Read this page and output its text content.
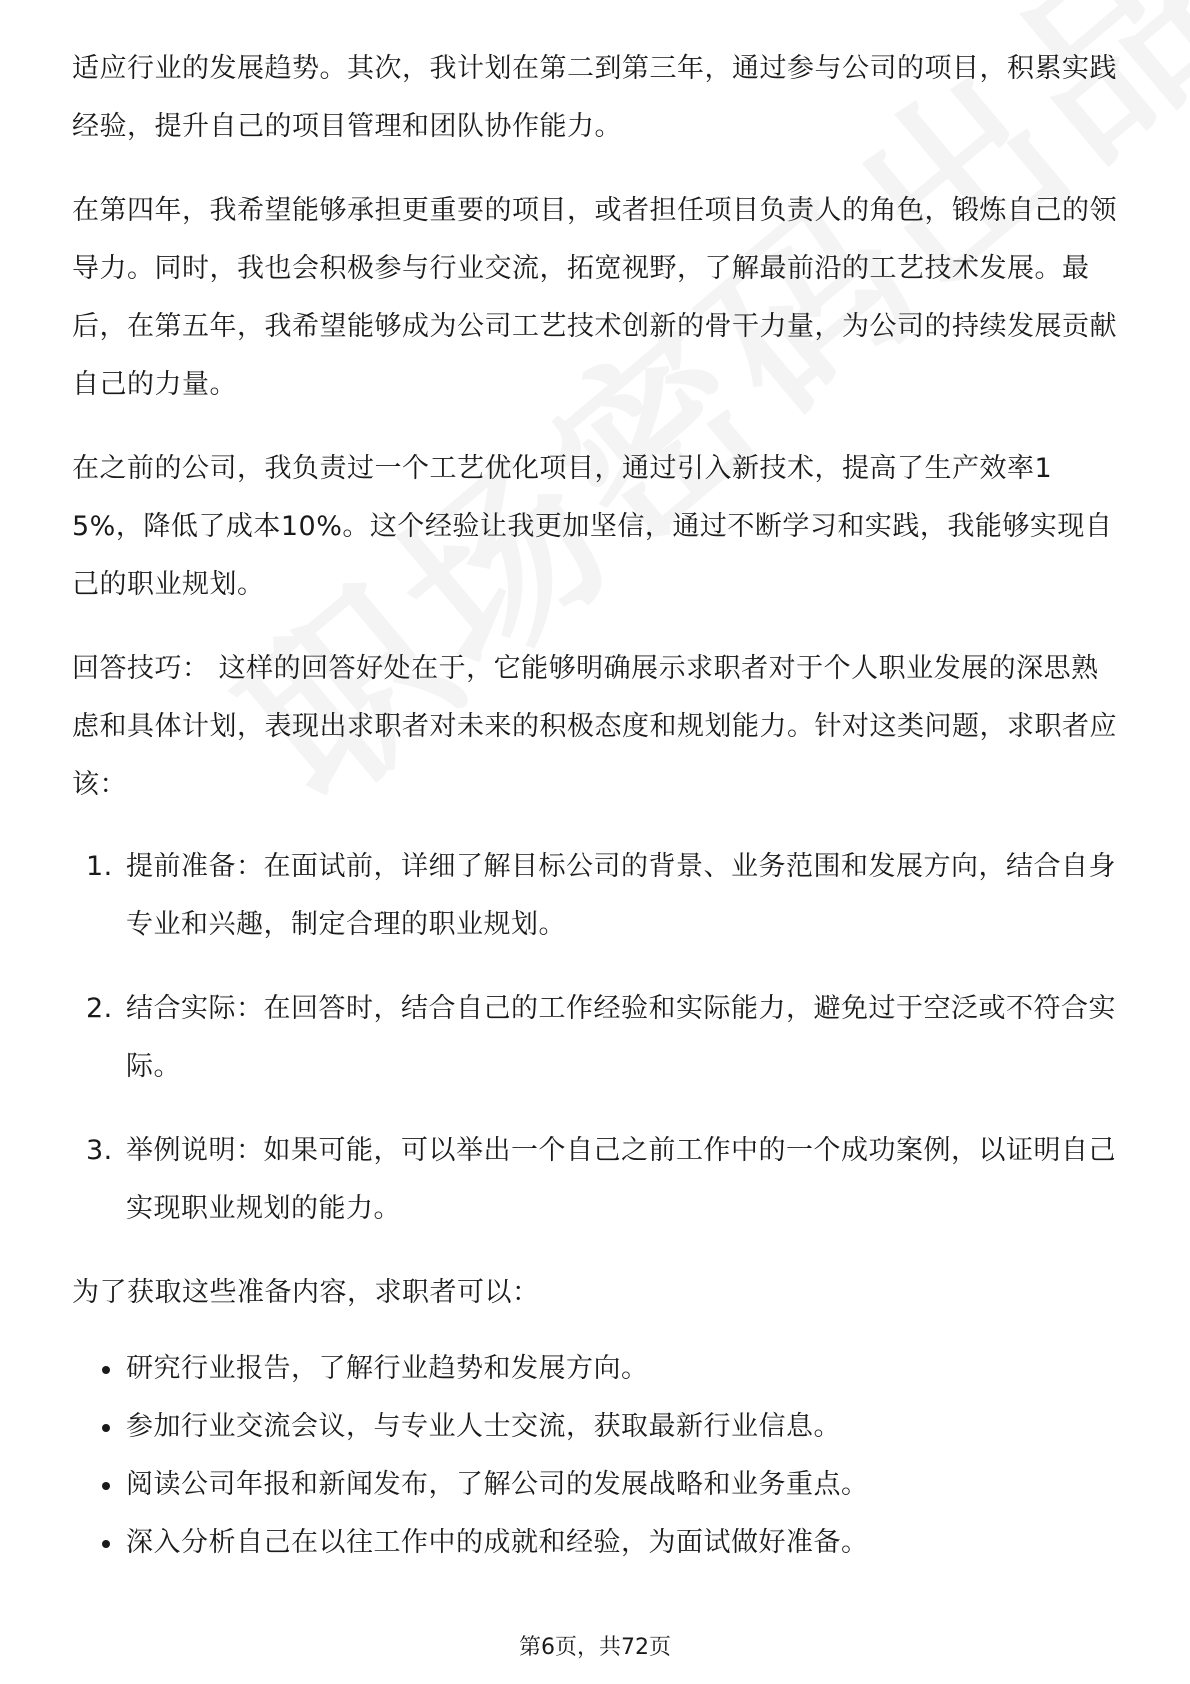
适应行业的发展趋势。其次，我计划在第二到第三年，通过参与公司的项目，积累实践经验，提升自己的项目管理和团队协作能力。

在第四年，我希望能够承担更重要的项目，或者担任项目负责人的角色，锻炼自己的领导力。同时，我也会积极参与行业交流，拓宽视野，了解最前沿的工艺技术发展。最后，在第五年，我希望能够成为公司工艺技术创新的骨干力量，为公司的持续发展贡献自己的力量。

在之前的公司，我负责过一个工艺优化项目，通过引入新技术，提高了生产效率15%，降低了成本10%。这个经验让我更加坚信，通过不断学习和实践，我能够实现自己的职业规划。

回答技巧： 这样的回答好处在于，它能够明确展示求职者对于个人职业发展的深思熟虑和具体计划，表现出求职者对未来的积极态度和规划能力。针对这类问题，求职者应该：

1. 提前准备：在面试前，详细了解目标公司的背景、业务范围和发展方向，结合自身专业和兴趣，制定合理的职业规划。
2. 结合实际：在回答时，结合自己的工作经验和实际能力，避免过于空泛或不符合实际。
3. 举例说明：如果可能，可以举出一个自己之前工作中的一个成功案例，以证明自己实现职业规划的能力。

为了获取这些准备内容，求职者可以：

研究行业报告，了解行业趋势和发展方向。
参加行业交流会议，与专业人士交流，获取最新行业信息。
阅读公司年报和新闻发布，了解公司的发展战略和业务重点。
深入分析自己在以往工作中的成就和经验，为面试做好准备。
第6页，共72页
